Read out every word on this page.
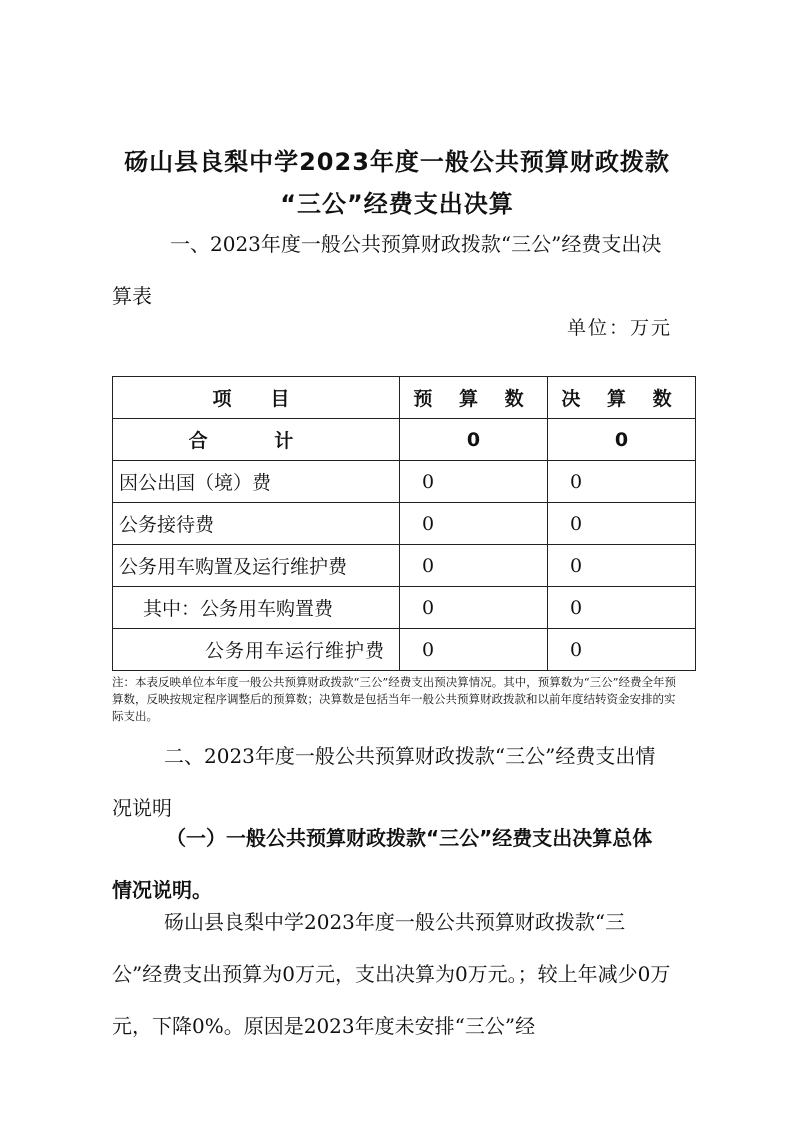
砀山县良梨中学2023年度一般公共预算财政拨款
“三公”经费支出决算

一、2023年度一般公共预算财政拨款“三公”经费支出决算表

单位：万元
项　目	预 算 数	决 算 数
合 计	0	0
因公出国（境）费	0	0
公务接待费	0	0
公务用车购置及运行维护费	0	0
其中：公务用车购置费	0	0
公务用车运行维护费	0	0

注：本表反映单位本年度一般公共预算财政拨款“三公”经费支出预决算情况。其中，预算数为“三公”经费全年预算数，反映按规定程序调整后的预算数；决算数是包括当年一般公共预算财政拨款和以前年度结转资金安排的实际支出。

二、2023年度一般公共预算财政拨款“三公”经费支出情况说明

（一）一般公共预算财政拨款“三公”经费支出决算总体情况说明。

砀山县良梨中学2023年度一般公共预算财政拨款“三公”经费支出预算为0万元，支出决算为0万元。；较上年减少0万元，下降0%。原因是2023年度未安排“三公”经
